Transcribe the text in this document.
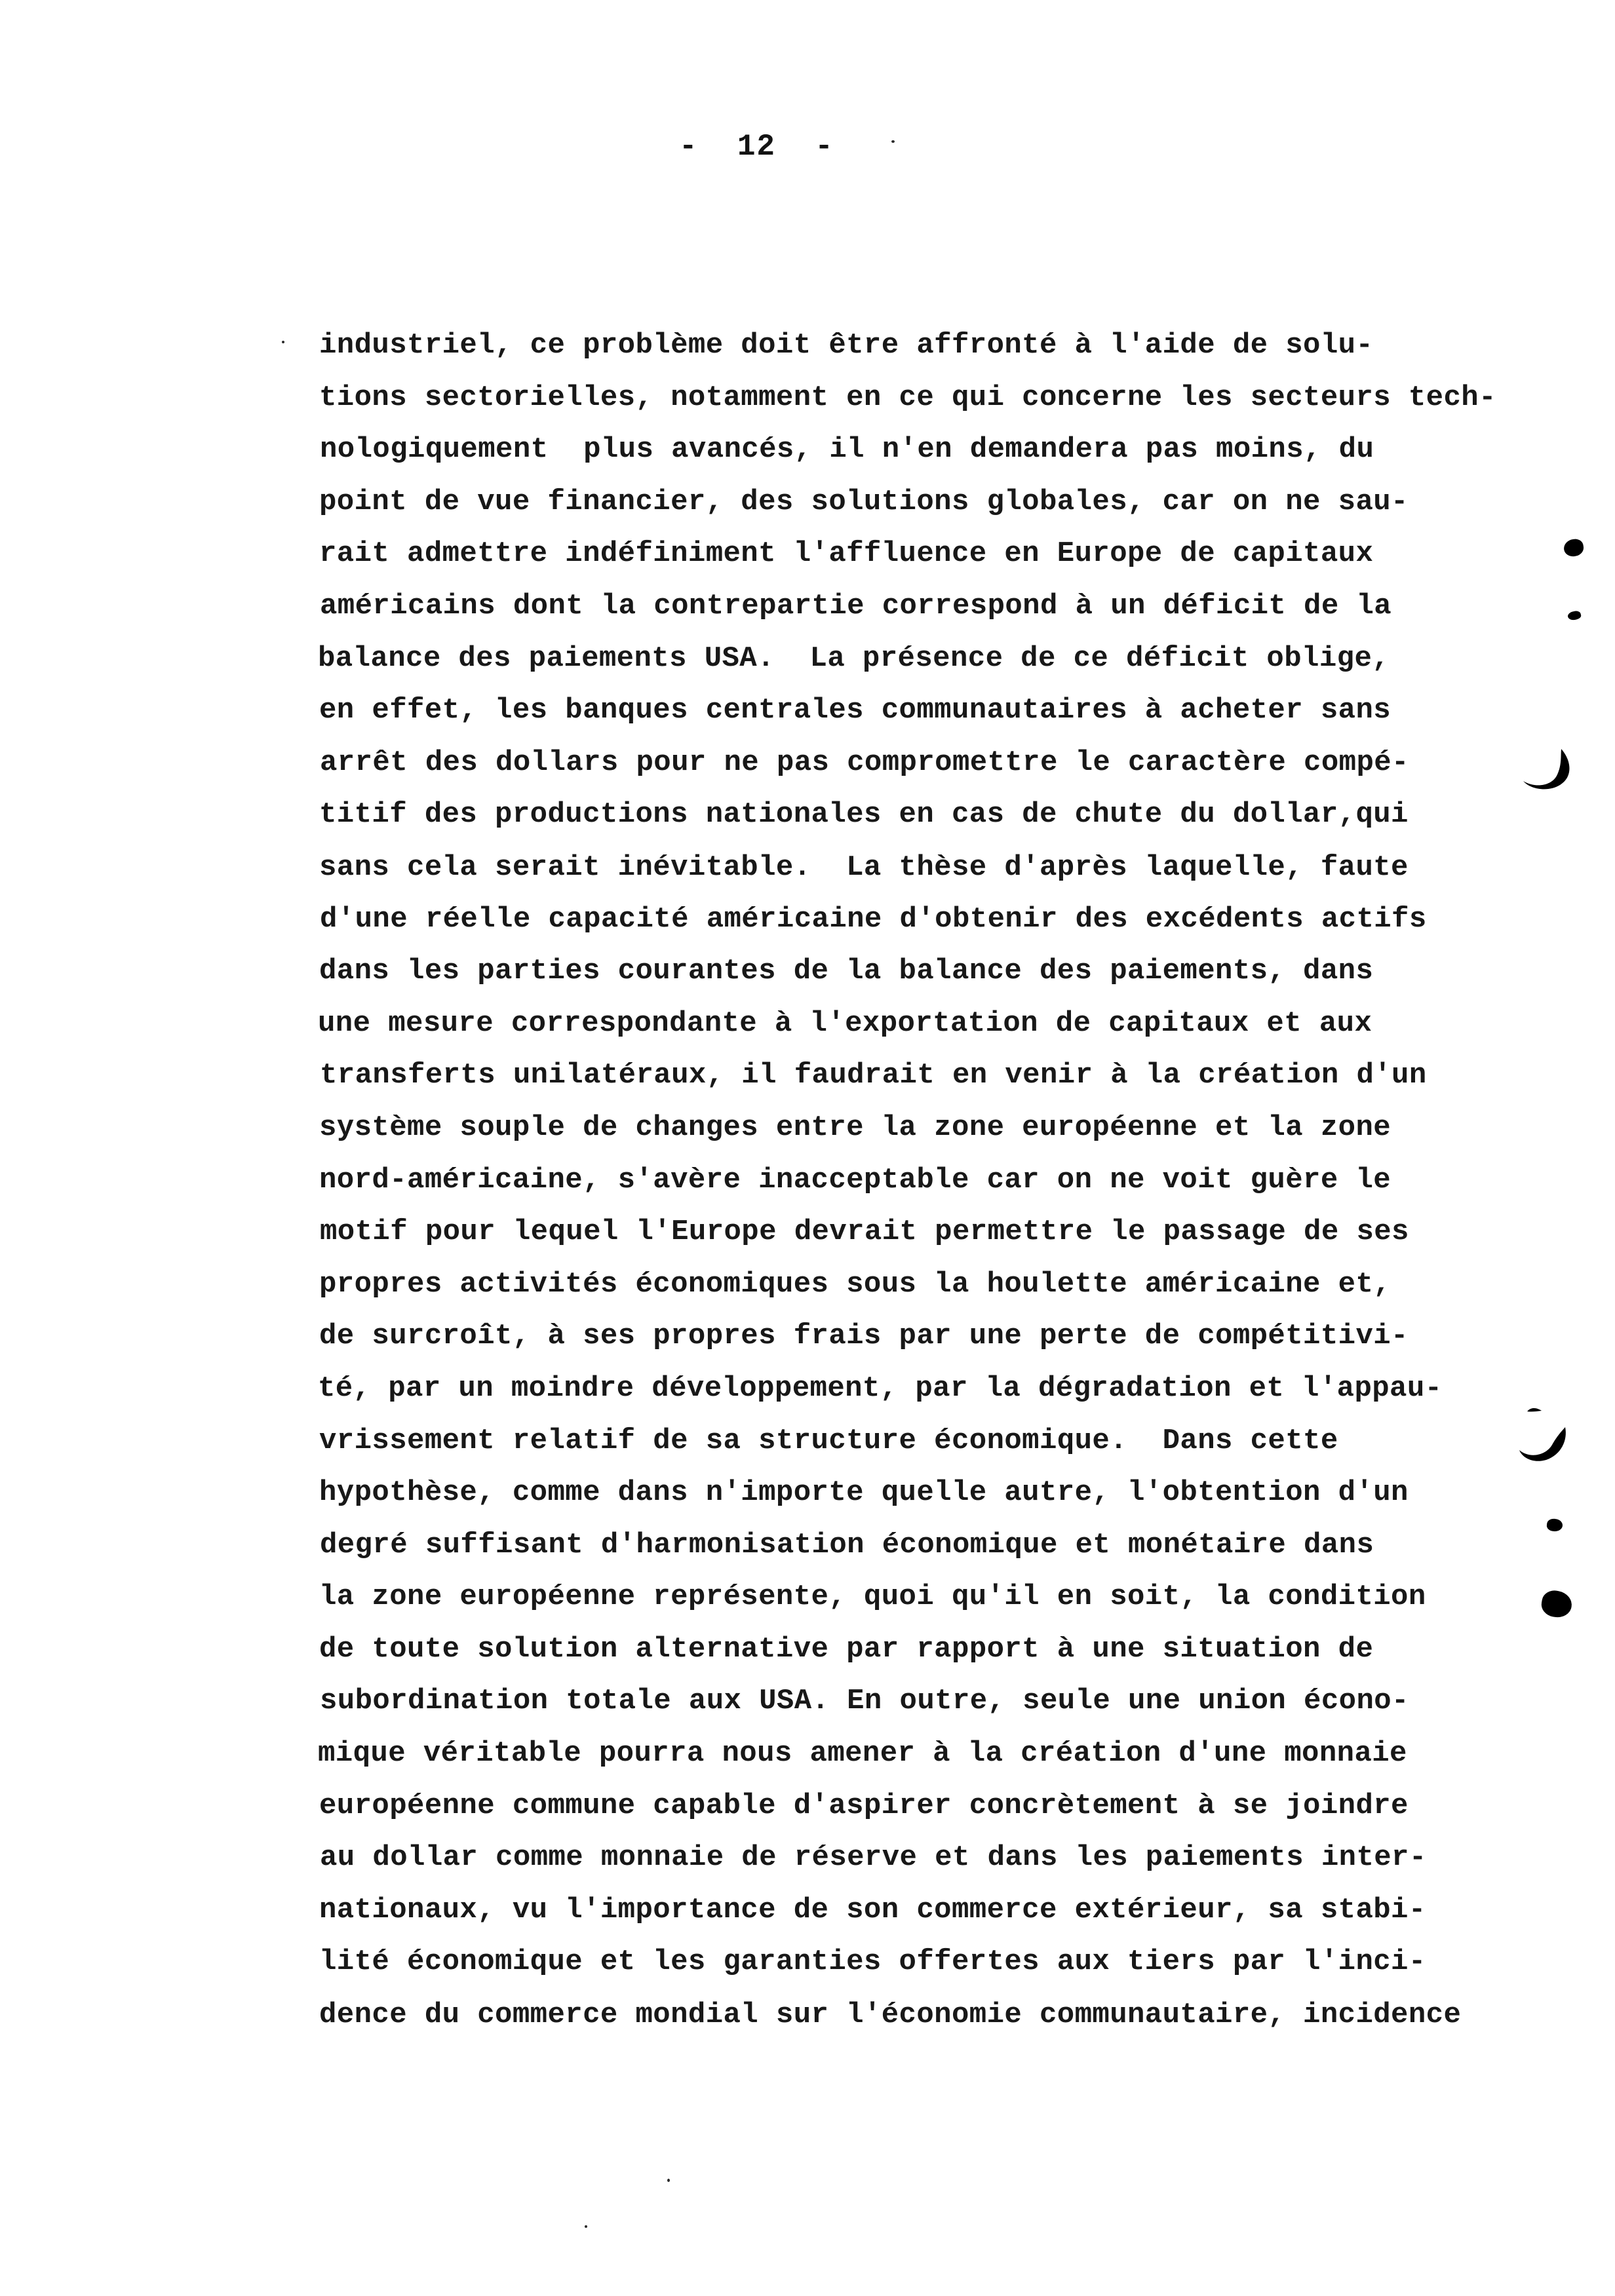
-  12  -
industriel, ce problème doit être affronté à l'aide de solu-
tions sectorielles, notamment en ce qui concerne les secteurs tech-
nologiquement  plus avancés, il n'en demandera pas moins, du
point de vue financier, des solutions globales, car on ne sau-
rait admettre indéfiniment l'affluence en Europe de capitaux
américains dont la contrepartie correspond à un déficit de la
balance des paiements USA.  La présence de ce déficit oblige,
en effet, les banques centrales communautaires à acheter sans
arrêt des dollars pour ne pas compromettre le caractère compé-
titif des productions nationales en cas de chute du dollar,qui
sans cela serait inévitable.  La thèse d'après laquelle, faute
d'une réelle capacité américaine d'obtenir des excédents actifs
dans les parties courantes de la balance des paiements, dans
une mesure correspondante à l'exportation de capitaux et aux
transferts unilatéraux, il faudrait en venir à la création d'un
système souple de changes entre la zone européenne et la zone
nord-américaine, s'avère inacceptable car on ne voit guère le
motif pour lequel l'Europe devrait permettre le passage de ses
propres activités économiques sous la houlette américaine et,
de surcroît, à ses propres frais par une perte de compétitivi-
té, par un moindre développement, par la dégradation et l'appau-
vrissement relatif de sa structure économique.  Dans cette
hypothèse, comme dans n'importe quelle autre, l'obtention d'un
degré suffisant d'harmonisation économique et monétaire dans
la zone européenne représente, quoi qu'il en soit, la condition
de toute solution alternative par rapport à une situation de
subordination totale aux USA. En outre, seule une union écono-
mique véritable pourra nous amener à la création d'une monnaie
européenne commune capable d'aspirer concrètement à se joindre
au dollar comme monnaie de réserve et dans les paiements inter-
nationaux, vu l'importance de son commerce extérieur, sa stabi-
lité économique et les garanties offertes aux tiers par l'inci-
dence du commerce mondial sur l'économie communautaire, incidence
